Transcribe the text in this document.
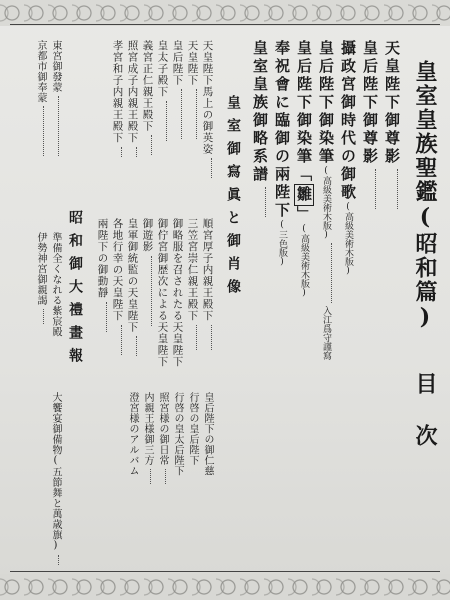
皇室皇族聖鑑(昭和篇)目 次
天皇陛下御尊影
皇后陛下御尊影
攝政宮御時代の御歌(高級美術木版)
皇后陛下御染筆(高級美術木版)入江爲守謹寫
皇后陛下御染筆「雛」(高級美術木版)
奉祝會に臨御の兩陛下(三色版)
皇室皇族御略系譜
皇室御寫眞と御肖像
天皇陛下馬上の御英姿
天皇陛下
皇后陛下
皇太子殿下
義宮正仁親王殿下
照宮成子内親王殿下
孝宮和子内親王殿下
順宮厚子内親王殿下
三笠宮崇仁親王殿下
御略服を召されたる天皇陛下
御佇宮御歴次による天皇陛下
御遊影
皇軍御統監の天皇陛下
各地行幸の天皇陛下
兩陛下の御動靜
皇后陛下の御仁慈
行啓の皇后陛下
行啓の皇太后陛下
照宮様の御日常
内親王様御三方
澄宮様のアルバム
東宮御發蒙
京都市御奉蒙
昭和御大禮畫報
準備全くなれる紫宸殿
伊勢神宮御親謁
大饗宴御備物(五節舞と萬歳旗)
